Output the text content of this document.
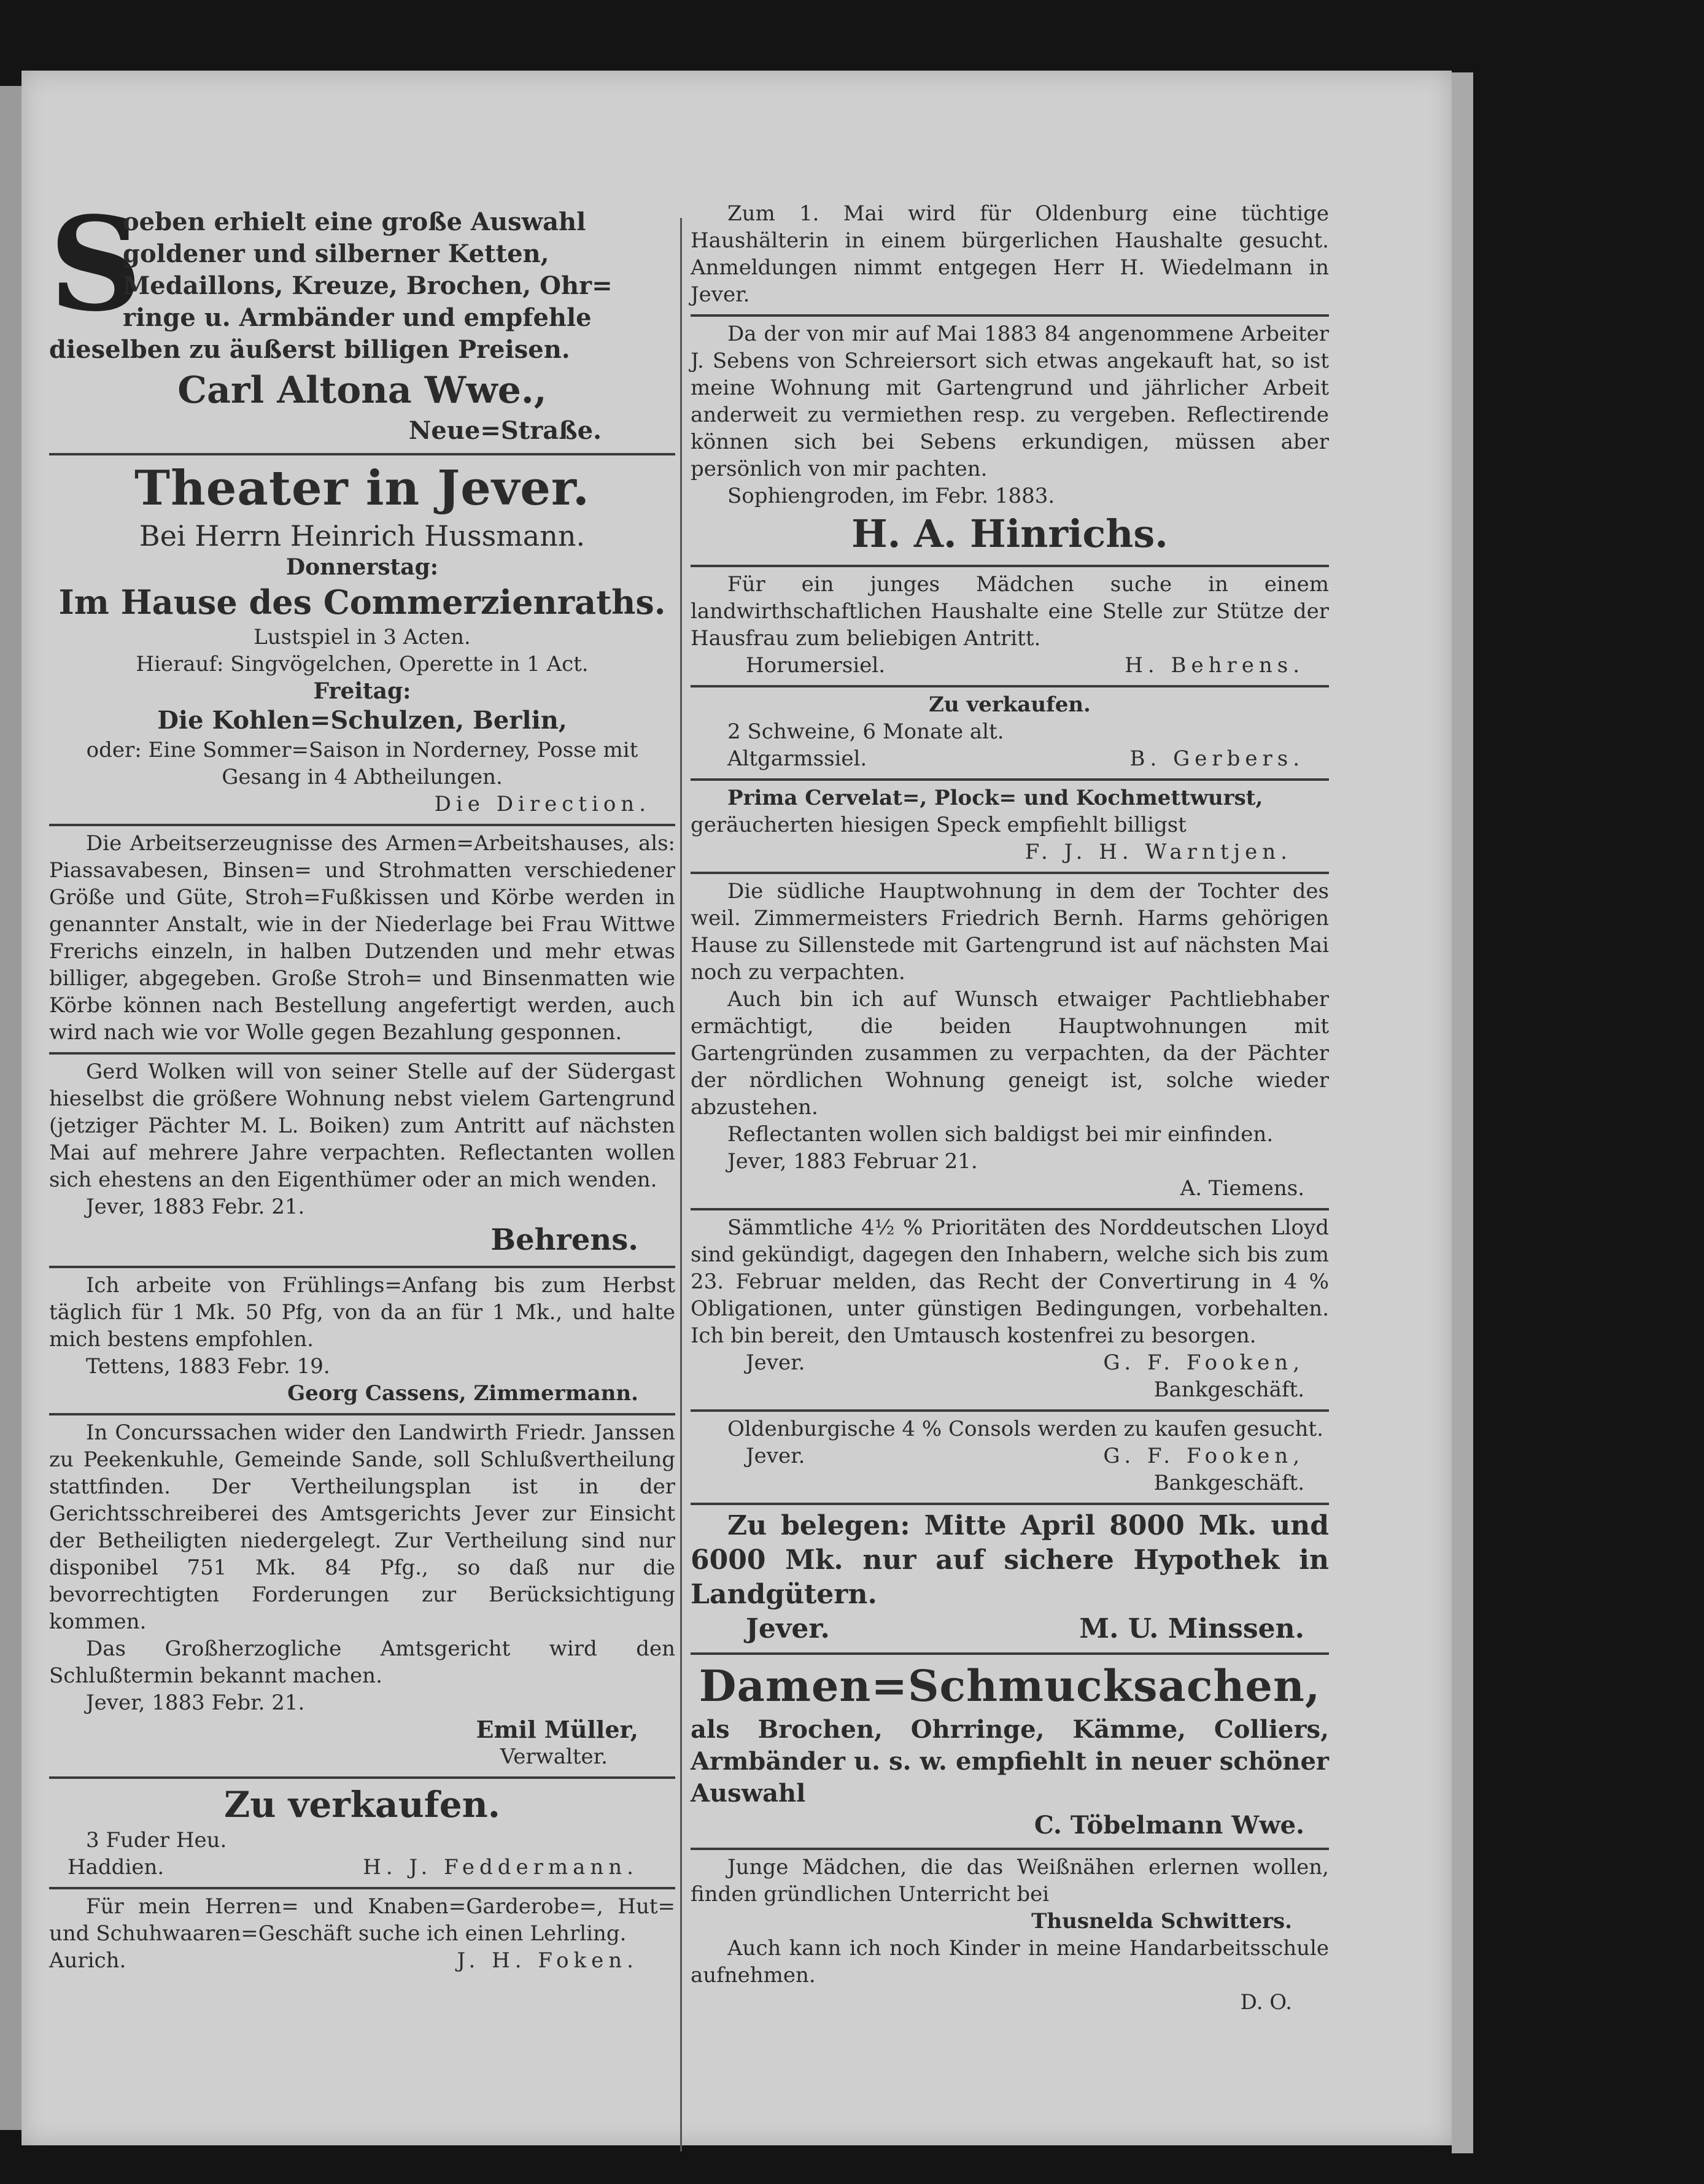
S
oeben erhielt eine große Auswahl
goldener und silberner Ketten,
Medaillons, Kreuze, Brochen, Ohr=
ringe u. Armbänder und empfehle
dieselben zu äußerst billigen Preisen.
Carl Altona Wwe.,
Neue=Straße.
Theater in Jever.
Bei Herrn Heinrich Hussmann.
Donnerstag:
Im Hause des Commerzienraths.
Lustspiel in 3 Acten.
Hierauf: Singvögelchen, Operette in 1 Act.
Freitag:
Die Kohlen=Schulzen, Berlin,
oder: Eine Sommer=Saison in Norderney, Posse mit Gesang in 4 Abtheilungen.
Die Direction.
Die Arbeitserzeugnisse des Armen=Arbeitshauses, als: Piassavabesen, Binsen= und Strohmatten verschiedener Größe und Güte, Stroh=Fußkissen und Körbe werden in genannter Anstalt, wie in der Niederlage bei Frau Wittwe Frerichs einzeln, in halben Dutzenden und mehr etwas billiger, abgegeben. Große Stroh= und Binsenmatten wie Körbe können nach Bestellung angefertigt werden, auch wird nach wie vor Wolle gegen Bezahlung gesponnen.
Gerd Wolken will von seiner Stelle auf der Südergast hieselbst die größere Wohnung nebst vielem Gartengrund (jetziger Pächter M. L. Boiken) zum Antritt auf nächsten Mai auf mehrere Jahre verpachten. Reflectanten wollen sich ehestens an den Eigenthümer oder an mich wenden.
Jever, 1883 Febr. 21.
Behrens.
Ich arbeite von Frühlings=Anfang bis zum Herbst täglich für 1 Mk. 50 Pfg, von da an für 1 Mk., und halte mich bestens empfohlen.
Tettens, 1883 Febr. 19.
Georg Cassens, Zimmermann.
In Concurssachen wider den Landwirth Friedr. Janssen zu Peekenkuhle, Gemeinde Sande, soll Schlußvertheilung stattfinden. Der Vertheilungsplan ist in der Gerichtsschreiberei des Amtsgerichts Jever zur Einsicht der Betheiligten niedergelegt. Zur Vertheilung sind nur disponibel 751 Mk. 84 Pfg., so daß nur die bevorrechtigten Forderungen zur Berücksichtigung kommen.
Das Großherzogliche Amtsgericht wird den Schlußtermin bekannt machen.
Jever, 1883 Febr. 21.
Emil Müller,
Verwalter.
Zu verkaufen.
3 Fuder Heu.
Haddien.	H. J. Feddermann.
Für mein Herren= und Knaben=Garderobe=, Hut= und Schuhwaaren=Geschäft suche ich einen Lehrling.
Aurich.	J. H. Foken.
Zum 1. Mai wird für Oldenburg eine tüchtige Haushälterin in einem bürgerlichen Haushalte gesucht. Anmeldungen nimmt entgegen Herr H. Wiedelmann in Jever.
Da der von mir auf Mai 1883 84 angenommene Arbeiter J. Sebens von Schreiersort sich etwas angekauft hat, so ist meine Wohnung mit Gartengrund und jährlicher Arbeit anderweit zu vermiethen resp. zu vergeben. Reflectirende können sich bei Sebens erkundigen, müssen aber persönlich von mir pachten.
Sophiengroden, im Febr. 1883.
H. A. Hinrichs.
Für ein junges Mädchen suche in einem landwirthschaftlichen Haushalte eine Stelle zur Stütze der Hausfrau zum beliebigen Antritt.
Horumersiel.	H. Behrens.
Zu verkaufen.
2 Schweine, 6 Monate alt.
Altgarmssiel.	B. Gerbers.
Prima Cervelat=, Plock= und Kochmettwurst,
geräucherten hiesigen Speck empfiehlt billigst
F. J. H. Warntjen.
Die südliche Hauptwohnung in dem der Tochter des weil. Zimmermeisters Friedrich Bernh. Harms gehörigen Hause zu Sillenstede mit Gartengrund ist auf nächsten Mai noch zu verpachten.
Auch bin ich auf Wunsch etwaiger Pachtliebhaber ermächtigt, die beiden Hauptwohnungen mit Gartengründen zusammen zu verpachten, da der Pächter der nördlichen Wohnung geneigt ist, solche wieder abzustehen.
Reflectanten wollen sich baldigst bei mir einfinden.
Jever, 1883 Februar 21.
A. Tiemens.
Sämmtliche 4½ % Prioritäten des Norddeutschen Lloyd sind gekündigt, dagegen den Inhabern, welche sich bis zum 23. Februar melden, das Recht der Convertirung in 4 % Obligationen, unter günstigen Bedingungen, vorbehalten. Ich bin bereit, den Umtausch kostenfrei zu besorgen.
Jever.	G. F. Fooken,
Bankgeschäft.
Oldenburgische 4 % Consols werden zu kaufen gesucht.
Jever.	G. F. Fooken,
Bankgeschäft.
Zu belegen: Mitte April 8000 Mk. und 6000 Mk. nur auf sichere Hypothek in Landgütern.
Jever.	M. U. Minssen.
Damen=Schmucksachen,
als Brochen, Ohrringe, Kämme, Colliers, Armbänder u. s. w. empfiehlt in neuer schöner Auswahl
C. Töbelmann Wwe.
Junge Mädchen, die das Weißnähen erlernen wollen, finden gründlichen Unterricht bei
Thusnelda Schwitters.
Auch kann ich noch Kinder in meine Handarbeitsschule aufnehmen.
D. O.
